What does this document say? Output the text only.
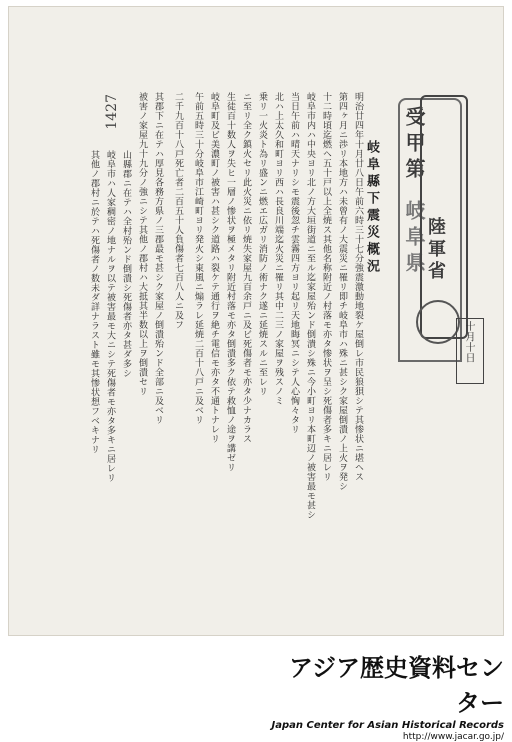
受甲第
岐阜県 陸軍省
十月十日
岐阜縣下震災概況
1427	明治廿四年十月廿八日午前六時三十七分強震激動地裂ケ屋倒レ市民狼狽シテ其惨状ニ堪ヘス
第四ヶ月ニ渉リ本地方ハ未曾有ノ大震災ニ罹リ即チ岐阜市ハ殊ニ甚シク家屋倒潰ノ上火ヲ発シ
十二時頃迄燃ヘ五十戸以上全焼ス其他名称附近ノ村落モ亦タ惨状ヲ呈シ死傷者多キニ居レリ
岐阜市内ハ中央ヨリ北ノ方大垣街道ニ至ル迄家屋殆ンド倒潰シ殊ニ今小町ヨリ本町辺ノ被害最モ甚シ
当日午前ハ晴天ナリシモ震後忽チ雲霧四方ヨリ起リ天地晦冥ニシテ人心恟々タリ
北ハ上太久和町ヨリ西ハ長良川端迄火災ニ罹リ其中二三ノ家屋ヲ残スノミ
乗リ一火炎ト為リ盛ンニ燃エ広ガリ消防ノ術ナク遂ニ延焼スルニ至レリ
ニ至リ全ク鎮火セリ此火災ニ依リ焼失家屋九百余戸ニ及ビ死傷者モ亦タ少ナカラス
生徒百十数人ヲ失ヒ一層ノ惨状ヲ極メタリ附近村落モ亦タ倒潰多ク依テ救恤ノ途ヲ講ゼリ
岐阜町及ビ美濃町ノ被害ハ甚シク道路ハ裂ケテ通行ヲ絶チ電信モ亦タ不通トナレリ
午前五時三十分岐阜市江崎町ヨリ発火シ東風ニ煽ラレ延焼二百十八戸ニ及ベリ
二千九百十八戸死亡者二百五十人負傷者七百八人ニ及フ
其郡下ニ在テハ厚見各務方県ノ三郡最モ甚シク家屋ノ倒潰殆ンド全部ニ及ベリ
被害ノ家屋九十九分ノ強ニシテ其他ノ郡村ハ大抵其半数以上ヲ倒潰セリ
山縣郡ニ在テハ全村殆ンド倒潰シ死傷者亦タ甚ダ多シ
岐阜市ハ人家稠密ノ地ナルヲ以テ被害最モ大ニシテ死傷者モ亦タ多キニ居レリ
其他ノ郡村ニ於テハ死傷者ノ数未ダ詳ナラスト雖モ其惨状想フベキナリ
アジア歴史資料センター
Japan Center for Asian Historical Records
http://www.jacar.go.jp/
